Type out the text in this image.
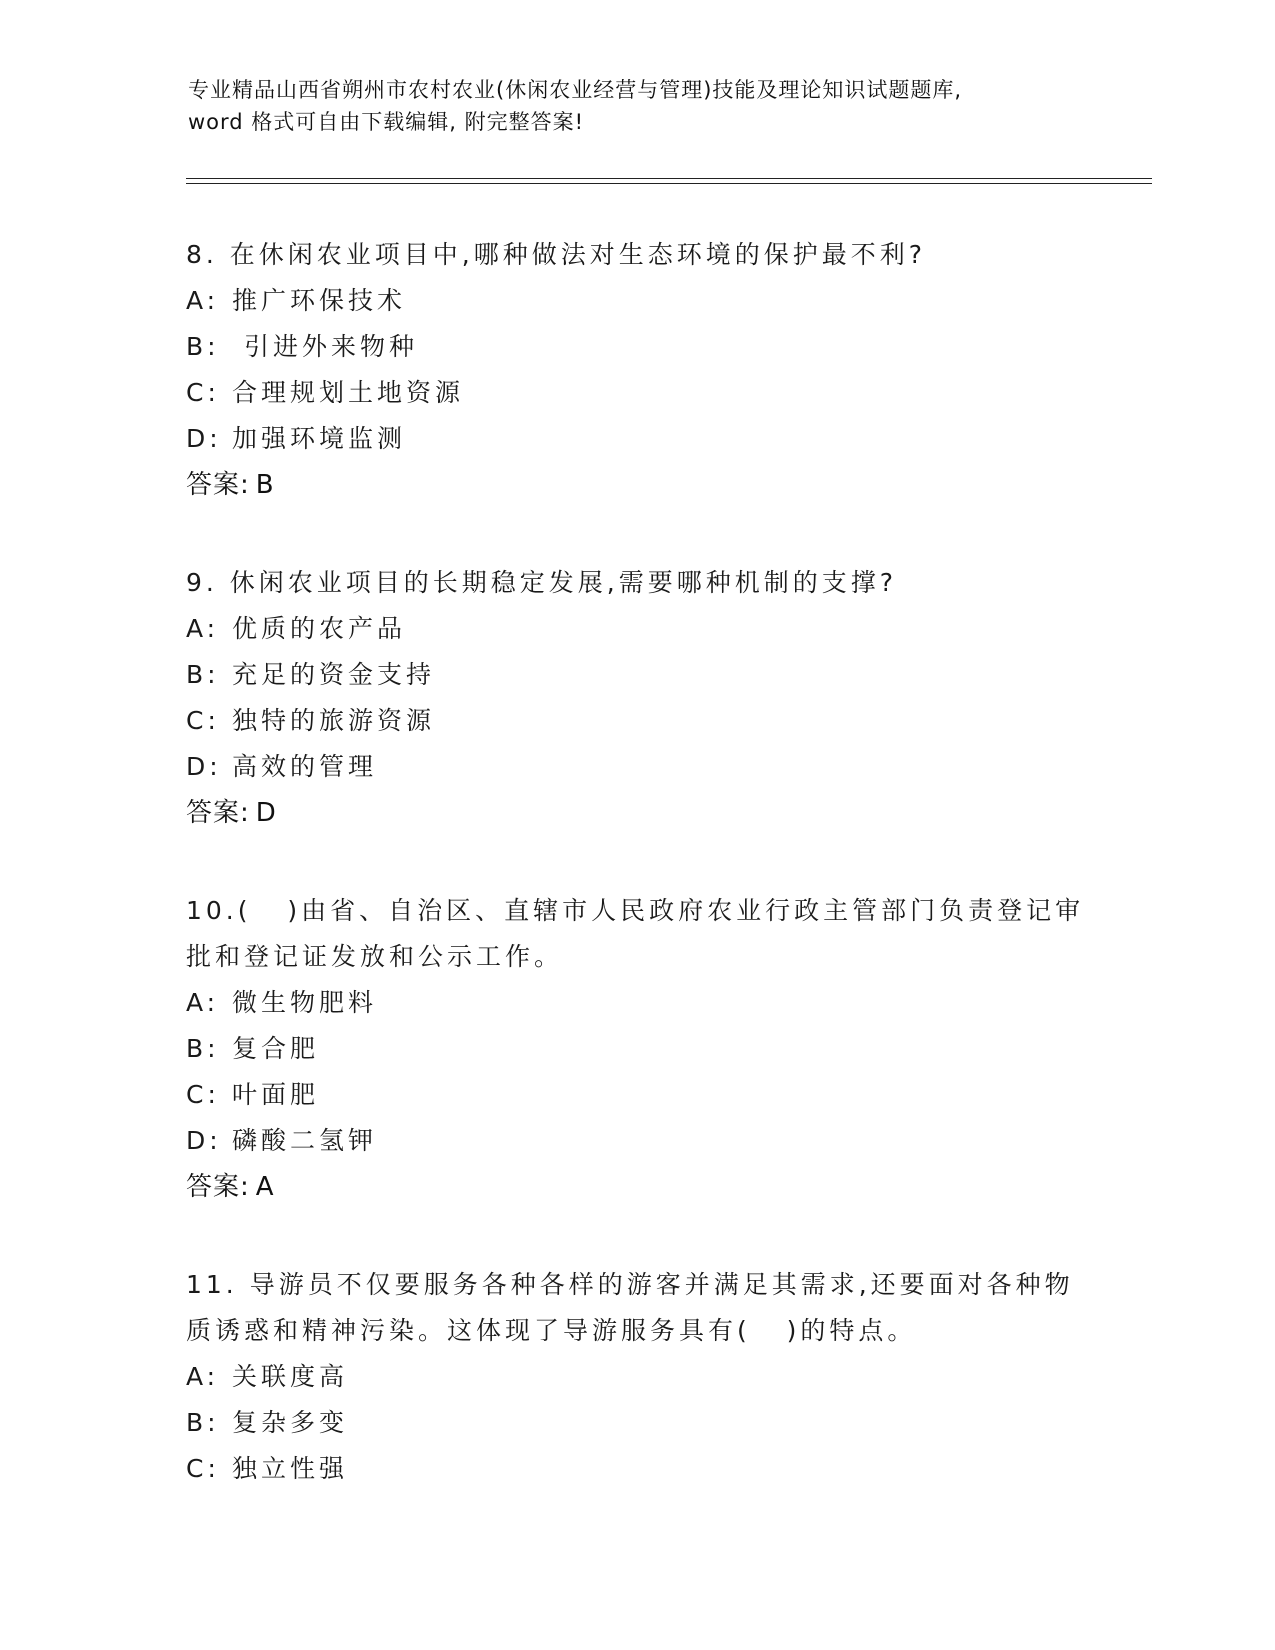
专业精品山西省朔州市农村农业(休闲农业经营与管理)技能及理论知识试题题库,
word 格式可自由下载编辑, 附完整答案!
8. 在休闲农业项目中,哪种做法对生态环境的保护最不利?
A: 推广环保技术
B: 引进外来物种
C: 合理规划土地资源
D: 加强环境监测
答案: B
9. 休闲农业项目的长期稳定发展,需要哪种机制的支撑?
A: 优质的农产品
B: 充足的资金支持
C: 独特的旅游资源
D: 高效的管理
答案: D
10.(   )由省、自治区、直辖市人民政府农业行政主管部门负责登记审批和登记证发放和公示工作。
A: 微生物肥料
B: 复合肥
C: 叶面肥
D: 磷酸二氢钾
答案: A
11. 导游员不仅要服务各种各样的游客并满足其需求,还要面对各种物质诱惑和精神污染。这体现了导游服务具有(   )的特点。
A: 关联度高
B: 复杂多变
C: 独立性强
